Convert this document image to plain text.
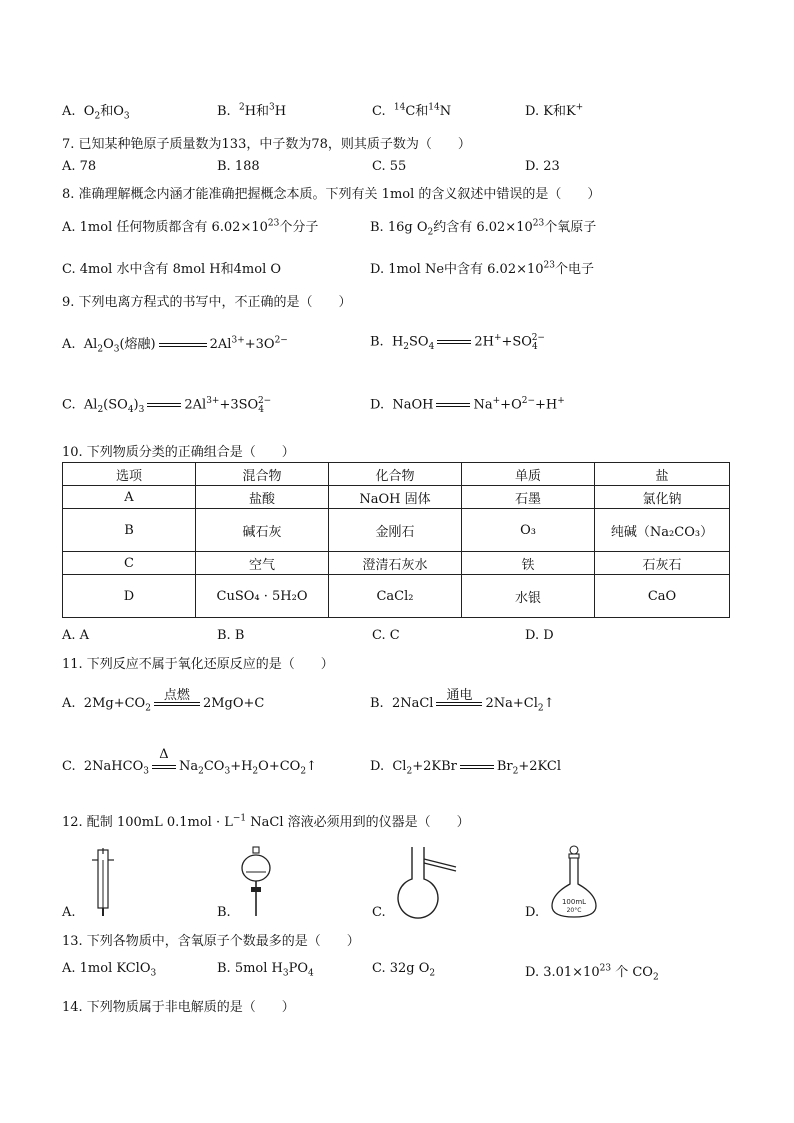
A. $O_2$和$O_3$	B. $^2$H和$^3$H	C. $^{14}$C和$^{14}$N	D. K和K+
7. 已知某种铯原子质量数为133，中子数为78，则其质子数为（　　）
A. 78	B. 188	C. 55	D. 23
8. 准确理解概念内涵才能准确把握概念本质。下列有关 1mol 的含义叙述中错误的是（　　）
A. 1mol 任何物质都含有 $6.02\times 10^{23}$个分子	B. 16g $O_2$约含有 $6.02\times 10^{23}$个氧原子
C. 4mol 水中含有 8mol H和4mol O	D. 1mol Ne中含有 $6.02\times 10^{23}$个电子
9. 下列电离方程式的书写中，不正确的是（　　）
A. $Al_2O_3$(熔融)	$2Al^{3+}+3O^{2-}$	B. $H_2SO_4$	$2H^++SO_4^{2-}$
C. $Al_2(SO_4)_3$	$2Al^{3+}+3SO_4^{2-}$	D. NaOH	$Na^++O^{2-}+H^+$
10. 下列物质分类的正确组合是（　　）
选项	混合物	化合物	单质	盐
A	盐酸	NaOH 固体	石墨	氯化钠
B	碱石灰	金刚石	O₃	纯碱（Na₂CO₃）
C	空气	澄清石灰水	铁	石灰石
D	CuSO₄ · 5H₂O	CaCl₂	水银	CaO
A. A	B. B	C. C	D. D
11. 下列反应不属于氧化还原反应的是（　　）
A. $2Mg+CO_2$
点燃
2MgO+C	B. 2NaCl
通电
$2Na+Cl_2↑$
C. 2NaHCO$_3$
Δ
$Na_2CO_3+H_2O+CO_2↑$	D. $Cl_2+2KBr$	$Br_2+2KCl$
12. 配制 100mL $0.1mol \cdot L^{-1}$ NaCl 溶液必须用到的仪器是（　　）
A.	B.	C.	D.
100mL
20°C
13. 下列各物质中，含氧原子个数最多的是（　　）
A. 1mol KClO$_3$	B. 5mol $H_3PO_4$	C. 32g $O_2$	D. $3.01\times 10^{23}$ 个 $CO_2$
14. 下列物质属于非电解质的是（　　）
